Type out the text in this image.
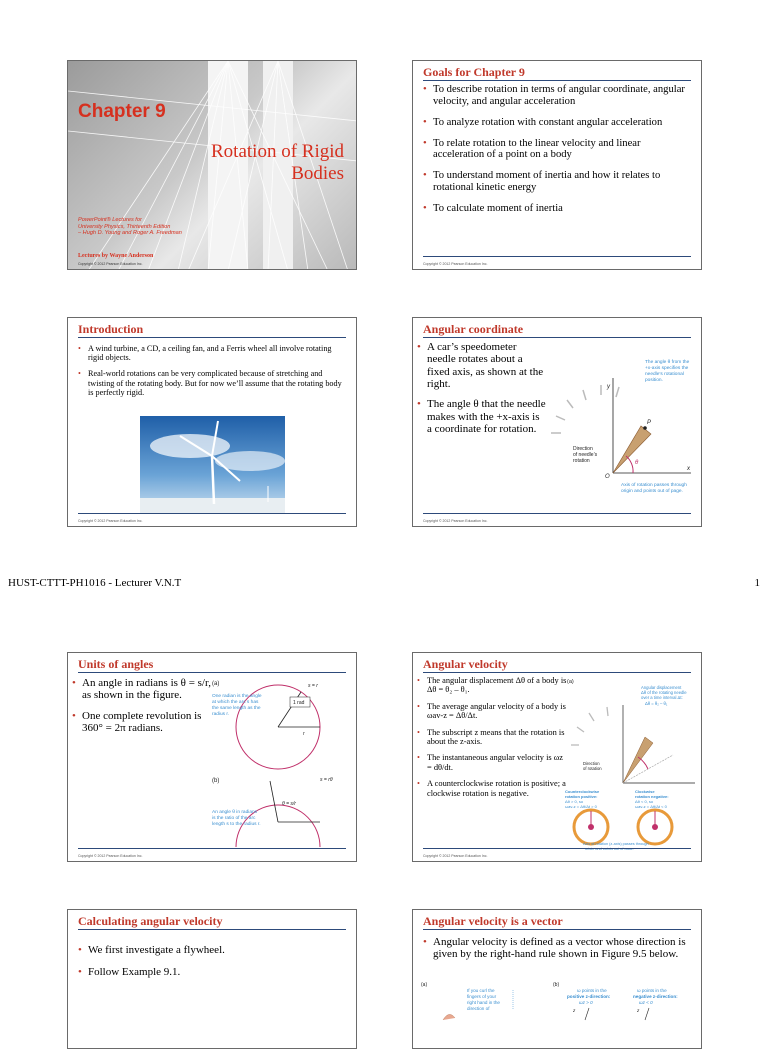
Chapter 9
Rotation of Rigid
Bodies
PowerPoint® Lectures for
University Physics, Thirteenth Edition
– Hugh D. Young and Roger A. Freedman
Lectures by Wayne Anderson
Copyright © 2012 Pearson Education Inc.
Goals for Chapter 9
• To describe rotation in terms of angular coordinate, angular velocity, and angular acceleration
• To analyze rotation with constant angular acceleration
• To relate rotation to the linear velocity and linear acceleration of a point on a body
• To understand moment of inertia and how it relates to rotational kinetic energy
• To calculate moment of inertia
Copyright © 2012 Pearson Education Inc.
Introduction
• A wind turbine, a CD, a ceiling fan, and a Ferris wheel all involve rotating rigid objects.
• Real-world rotations can be very complicated because of stretching and twisting of the rotating body. But for now we’ll assume that the rotating body is perfectly rigid.
Copyright © 2012 Pearson Education Inc.
Angular coordinate
• A car’s speedometer needle rotates about a fixed axis, as shown at the right.
• The angle θ that the needle makes with the +x-axis is a coordinate for rotation.
The angle θ from the
+x-axis specifies the
needle’s rotational
position.
Direction
of needle’s
rotation
y
x
O
P
θ
Axis of rotation passes through
origin and points out of page.
Copyright © 2012 Pearson Education Inc.
HUST-CTTT-PH1016 - Lecturer V.N.T	1
Units of angles
• An angle in radians is θ = s/r, as shown in the figure.
• One complete revolution is 360° = 2π radians.
(a)
1 rad
s = r
r
One radian is the angle
at which the arc s has
the same length as the
radius r.
(b)
θ = s/r
s = rθ
An angle θ in radians
is the ratio of the arc
length s to the radius r.
Copyright © 2012 Pearson Education Inc.
Angular velocity
• The angular displacement Δθ of a body is Δθ = θ₂ – θ₁.
• The average angular velocity of a body is ωav-z = Δθ/Δt.
• The subscript z means that the rotation is about the z-axis.
• The instantaneous angular velocity is ωz = dθ/dt.
• A counterclockwise rotation is positive; a clockwise rotation is negative.
(a)
Angular displacement
Δθ of the rotating needle
over a time interval Δt:
Δθ = θ₂ – θ₁
Direction
of rotation
Counterclockwise
rotation positive:
Δθ > 0, so
ωav-z = Δθ/Δt > 0
Clockwise
rotation negative:
Δθ < 0, so
ωav-z = Δθ/Δt < 0
Axis of rotation (z-axis) passes through
Copyright © 2012 Pearson Education Inc.
Calculating angular velocity
• We first investigate a flywheel.
• Follow Example 9.1.
Angular velocity is a vector
• Angular velocity is defined as a vector whose direction is given by the right-hand rule shown in Figure 9.5 below.
(a)
If you curl the
fingers of your
right hand in the
direction of
(b)
ω points in the
positive z-direction:
ωz > 0
ω points in the
negative z-direction:
ωz < 0
z	z
